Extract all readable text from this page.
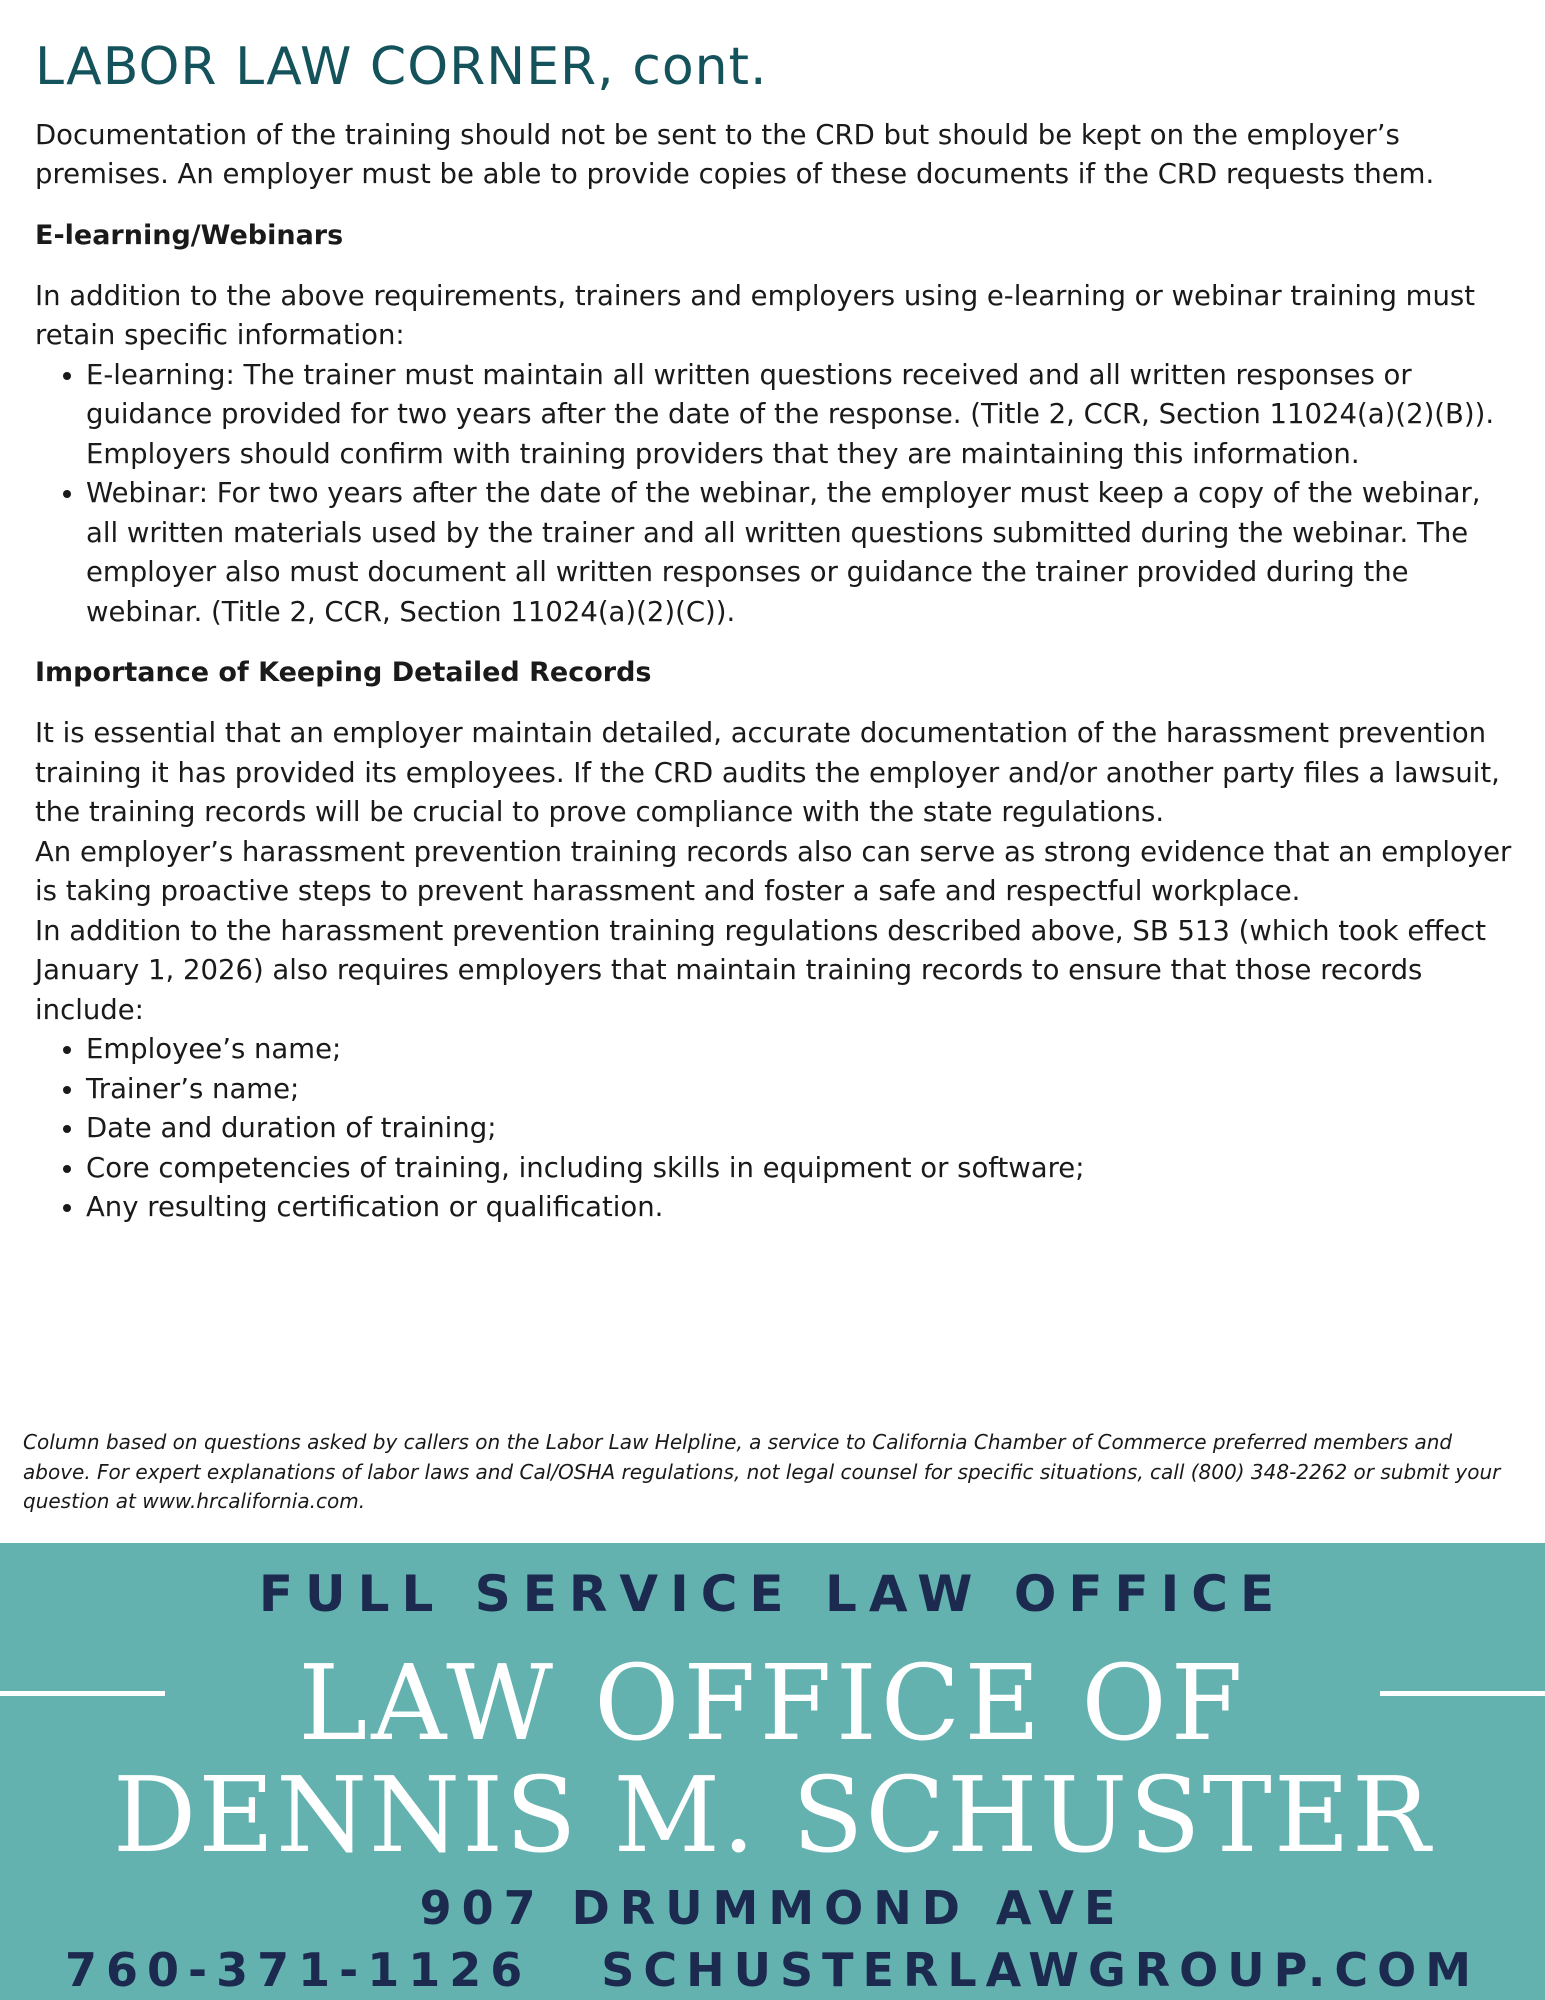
LABOR LAW CORNER, cont.

Documentation of the training should not be sent to the CRD but should be kept on the employer’s premises. An employer must be able to provide copies of these documents if the CRD requests them.

E-learning/Webinars

In addition to the above requirements, trainers and employers using e-learning or webinar training must retain specific information:

• E-learning: The trainer must maintain all written questions received and all written responses or guidance provided for two years after the date of the response. (Title 2, CCR, Section 11024(a)(2)(B)). Employers should confirm with training providers that they are maintaining this information.
• Webinar: For two years after the date of the webinar, the employer must keep a copy of the webinar, all written materials used by the trainer and all written questions submitted during the webinar. The employer also must document all written responses or guidance the trainer provided during the webinar. (Title 2, CCR, Section 11024(a)(2)(C)).
Importance of Keeping Detailed Records

It is essential that an employer maintain detailed, accurate documentation of the harassment prevention training it has provided its employees. If the CRD audits the employer and/or another party files a lawsuit, the training records will be crucial to prove compliance with the state regulations.

An employer’s harassment prevention training records also can serve as strong evidence that an employer is taking proactive steps to prevent harassment and foster a safe and respectful workplace.

In addition to the harassment prevention training regulations described above, SB 513 (which took effect January 1, 2026) also requires employers that maintain training records to ensure that those records include:

• Employee’s name;
• Trainer’s name;
• Date and duration of training;
• Core competencies of training, including skills in equipment or software;
• Any resulting certification or qualification.

Column based on questions asked by callers on the Labor Law Helpline, a service to California Chamber of Commerce preferred members and above. For expert explanations of labor laws and Cal/OSHA regulations, not legal counsel for specific situations, call (800) 348-2262 or submit your question at www.hrcalifornia.com.

FULL SERVICE LAW OFFICE
LAW OFFICE OF
DENNIS M. SCHUSTER
907 DRUMMOND AVE
760-371-1126 SCHUSTERLAWGROUP.COM
